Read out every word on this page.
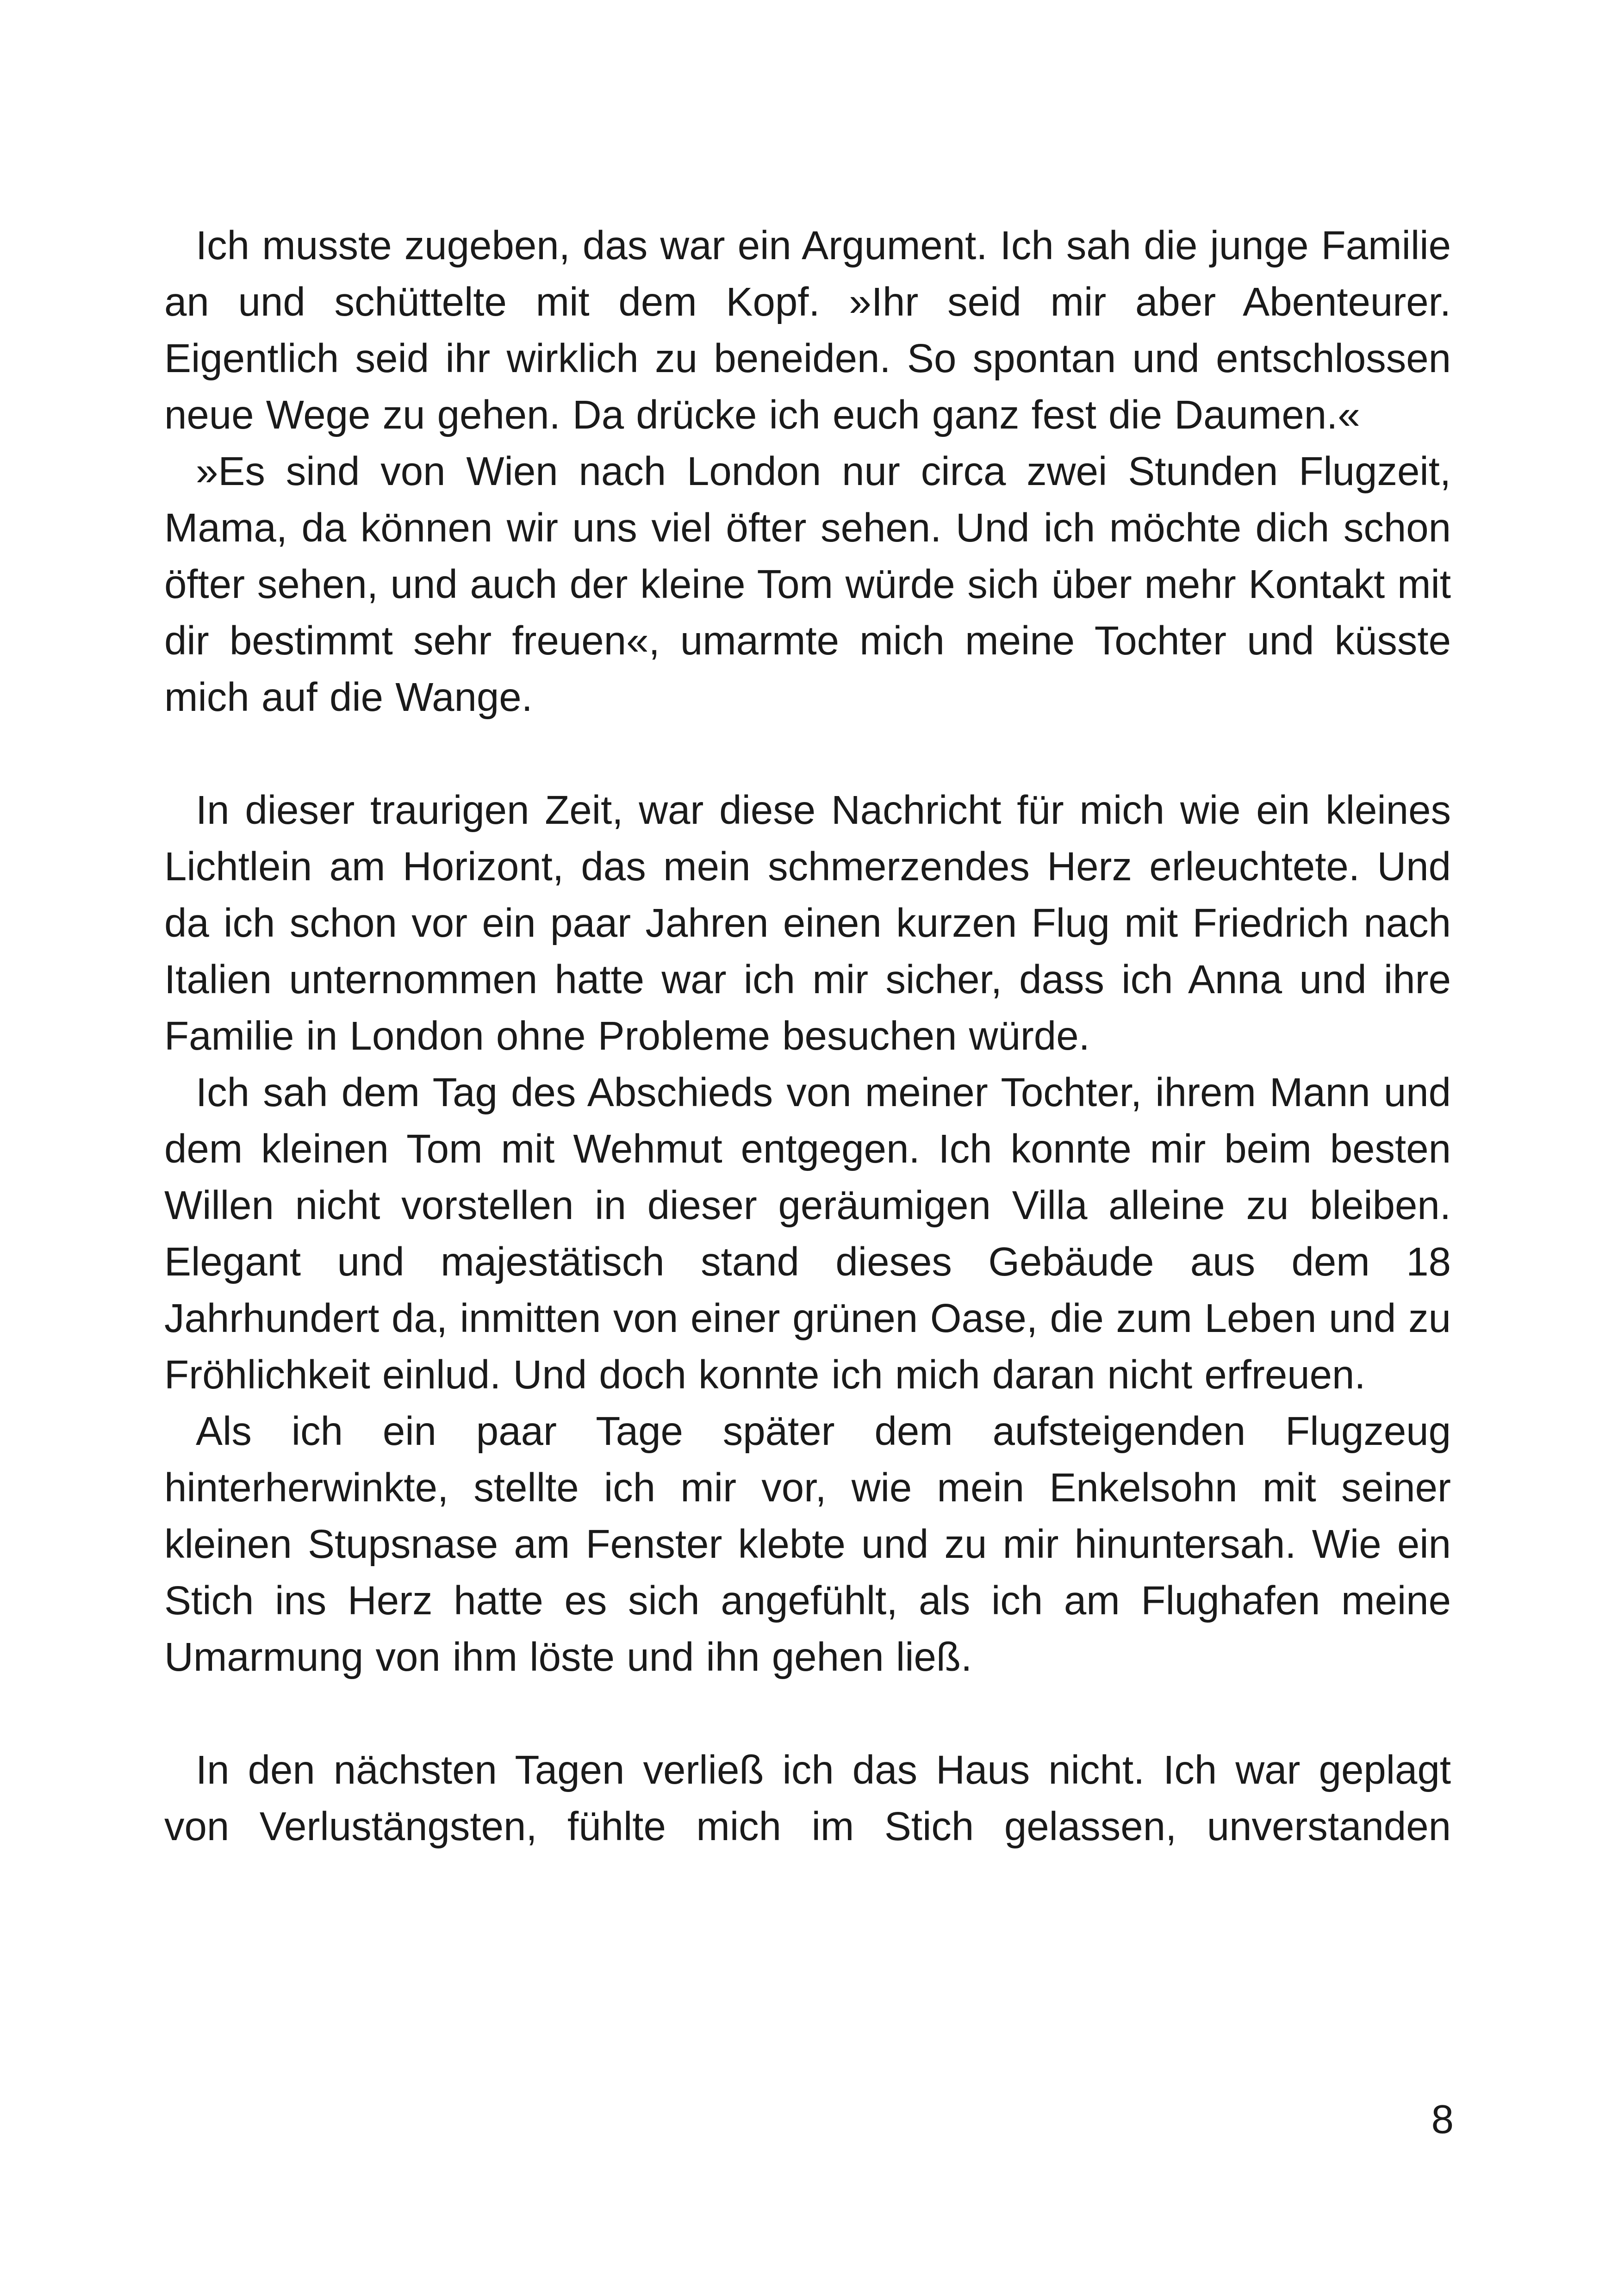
Ich musste zugeben, das war ein Argument. Ich sah die junge Familie an und schüttelte mit dem Kopf. »Ihr seid mir aber Abenteurer. Eigentlich seid ihr wirklich zu beneiden. So spontan und entschlossen neue Wege zu gehen. Da drücke ich euch ganz fest die Daumen.«

»Es sind von Wien nach London nur circa zwei Stunden Flugzeit, Mama, da können wir uns viel öfter sehen. Und ich möchte dich schon öfter sehen, und auch der kleine Tom würde sich über mehr Kontakt mit dir bestimmt sehr freuen«, umarmte mich meine Tochter und küsste mich auf die Wange.

In dieser traurigen Zeit, war diese Nachricht für mich wie ein kleines Lichtlein am Horizont, das mein schmerzendes Herz erleuchtete. Und da ich schon vor ein paar Jahren einen kurzen Flug mit Friedrich nach Italien unternommen hatte war ich mir sicher, dass ich Anna und ihre Familie in London ohne Probleme besuchen würde.

Ich sah dem Tag des Abschieds von meiner Tochter, ihrem Mann und dem kleinen Tom mit Wehmut entgegen. Ich konnte mir beim besten Willen nicht vorstellen in dieser geräumigen Villa alleine zu bleiben. Elegant und majestätisch stand dieses Gebäude aus dem 18 Jahrhundert da, inmitten von einer grünen Oase, die zum Leben und zu Fröhlichkeit einlud. Und doch konnte ich mich daran nicht erfreuen.

Als ich ein paar Tage später dem aufsteigenden Flugzeug hinterherwinkte, stellte ich mir vor, wie mein Enkelsohn mit seiner kleinen Stupsnase am Fenster klebte und zu mir hinuntersah. Wie ein Stich ins Herz hatte es sich angefühlt, als ich am Flughafen meine Umarmung von ihm löste und ihn gehen ließ.

In den nächsten Tagen verließ ich das Haus nicht. Ich war geplagt von Verlustängsten, fühlte mich im Stich gelassen, unverstanden

8
